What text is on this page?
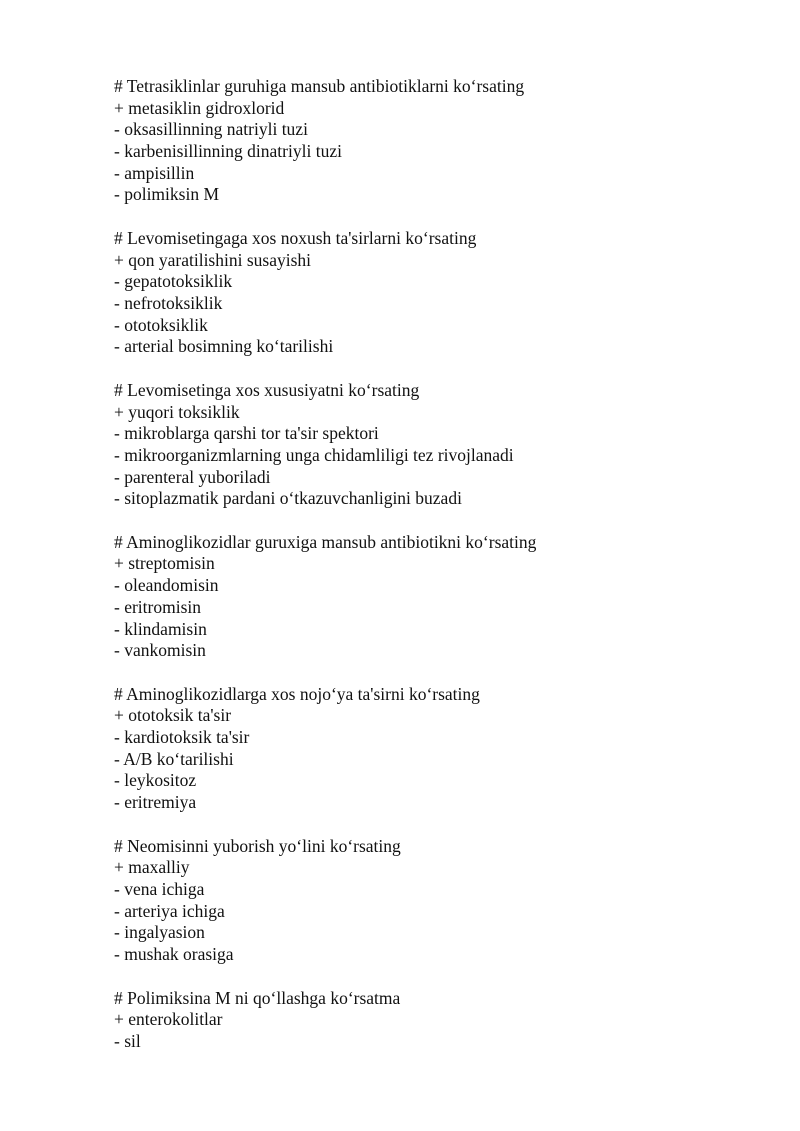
# Tetrasiklinlar guruhiga mansub antibiotiklarni ko‘rsating
+ metasiklin gidroxlorid
- oksasillinning natriyli tuzi
- karbenisillinning dinatriyli tuzi
- ampisillin
- polimiksin M
# Levomisetingaga xos noxush ta'sirlarni ko‘rsating
+ qon yaratilishini susayishi
- gepatotoksiklik
- nefrotoksiklik
- ototoksiklik
- arterial bosimning ko‘tarilishi
# Levomisetinga xos xususiyatni ko‘rsating
+ yuqori toksiklik
- mikroblarga qarshi tor ta'sir spektori
- mikroorganizmlarning unga chidamliligi tez rivojlanadi
- parenteral yuboriladi
- sitoplazmatik pardani o‘tkazuvchanligini buzadi
# Aminoglikozidlar guruxiga mansub antibiotikni ko‘rsating
+ streptomisin
- oleandomisin
- eritromisin
- klindamisin
- vankomisin
# Aminoglikozidlarga xos nojo‘ya ta'sirni ko‘rsating
+ ototoksik ta'sir
- kardiotoksik ta'sir
- A/B ko‘tarilishi
- leykositoz
- eritremiya
# Neomisinni yuborish yo‘lini ko‘rsating
+ maxalliy
- vena ichiga
- arteriya ichiga
- ingalyasion
- mushak orasiga
# Polimiksina M ni qo‘llashga ko‘rsatma
+ enterokolitlar
- sil
